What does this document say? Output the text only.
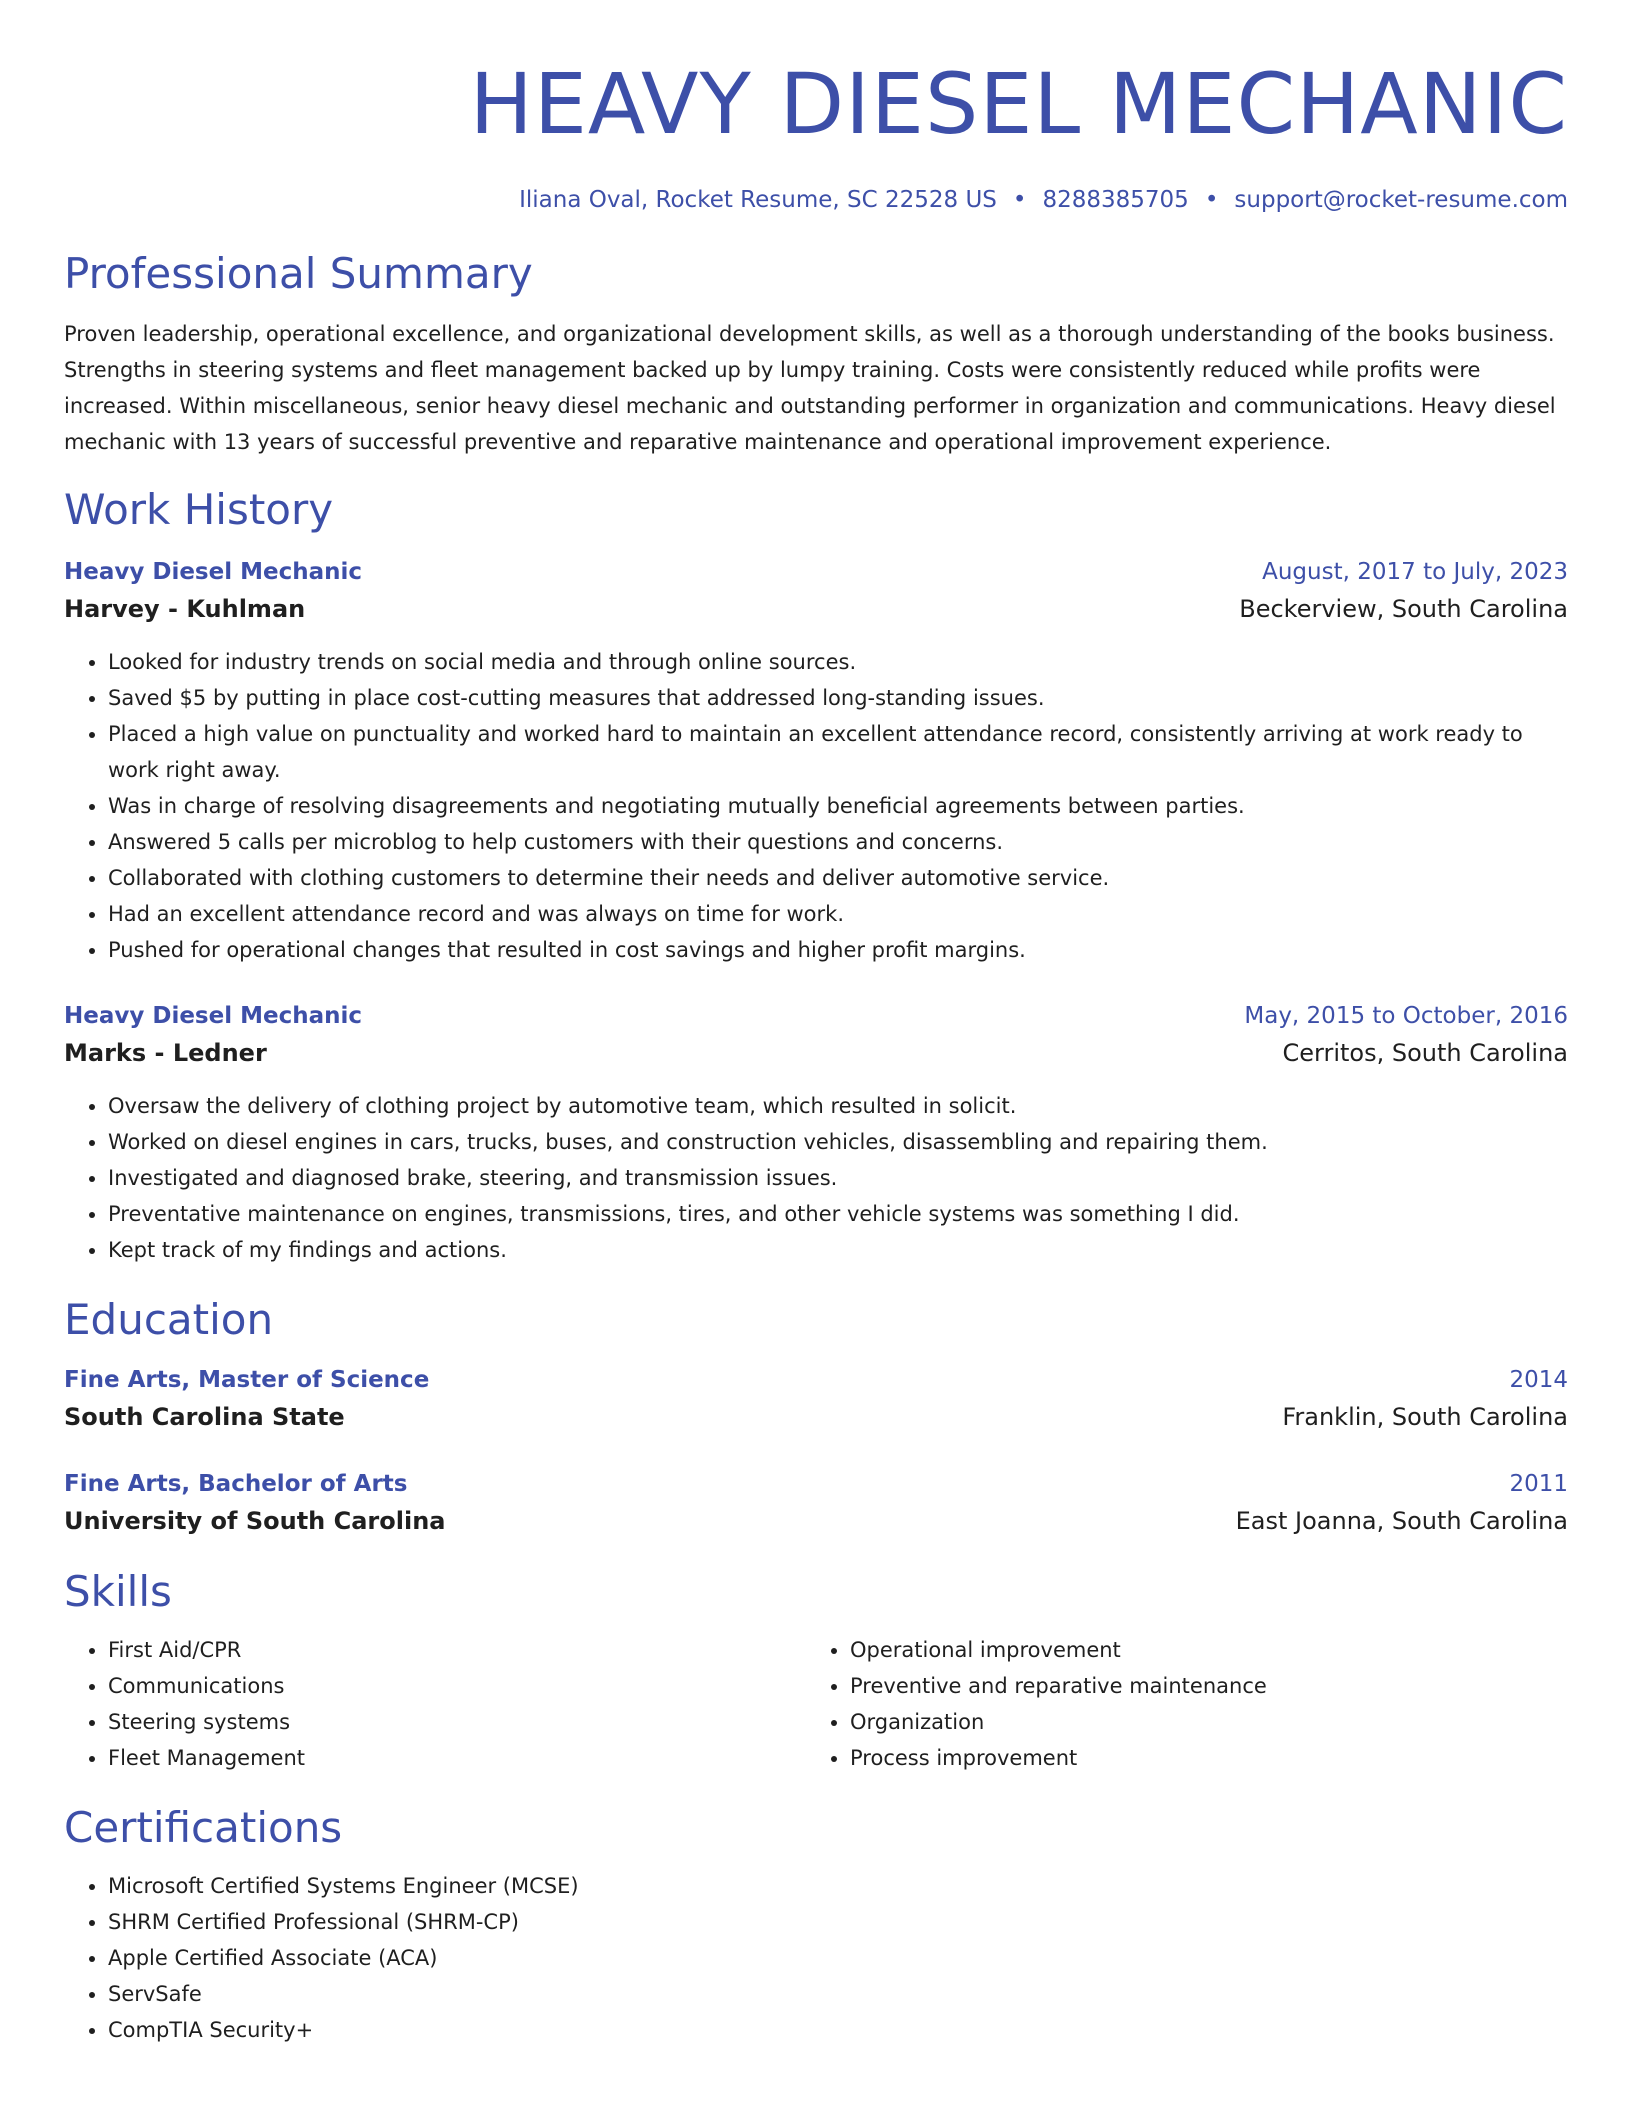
HEAVY DIESEL MECHANIC
Iliana Oval, Rocket Resume, SC 22528 US • 8288385705 • support@rocket-resume.com
Professional Summary

Proven leadership, operational excellence, and organizational development skills, as well as a thorough understanding of the books business. Strengths in steering systems and fleet management backed up by lumpy training. Costs were consistently reduced while profits were increased. Within miscellaneous, senior heavy diesel mechanic and outstanding performer in organization and communications. Heavy diesel mechanic with 13 years of successful preventive and reparative maintenance and operational improvement experience.

Work History
Heavy Diesel Mechanic	August, 2017 to July, 2023
Harvey - Kuhlman	Beckerview, South Carolina
• Looked for industry trends on social media and through online sources.
• Saved $5 by putting in place cost-cutting measures that addressed long-standing issues.
• Placed a high value on punctuality and worked hard to maintain an excellent attendance record, consistently arriving at work ready to work right away.
• Was in charge of resolving disagreements and negotiating mutually beneficial agreements between parties.
• Answered 5 calls per microblog to help customers with their questions and concerns.
• Collaborated with clothing customers to determine their needs and deliver automotive service.
• Had an excellent attendance record and was always on time for work.
• Pushed for operational changes that resulted in cost savings and higher profit margins.
Heavy Diesel Mechanic	May, 2015 to October, 2016
Marks - Ledner	Cerritos, South Carolina
• Oversaw the delivery of clothing project by automotive team, which resulted in solicit.
• Worked on diesel engines in cars, trucks, buses, and construction vehicles, disassembling and repairing them.
• Investigated and diagnosed brake, steering, and transmission issues.
• Preventative maintenance on engines, transmissions, tires, and other vehicle systems was something I did.
• Kept track of my findings and actions.
Education
Fine Arts, Master of Science	2014
South Carolina State	Franklin, South Carolina
Fine Arts, Bachelor of Arts	2011
University of South Carolina	East Joanna, South Carolina
Skills
• First Aid/CPR
• Communications
• Steering systems
• Fleet Management
• Operational improvement
• Preventive and reparative maintenance
• Organization
• Process improvement
Certifications
• Microsoft Certified Systems Engineer (MCSE)
• SHRM Certified Professional (SHRM-CP)
• Apple Certified Associate (ACA)
• ServSafe
• CompTIA Security+
